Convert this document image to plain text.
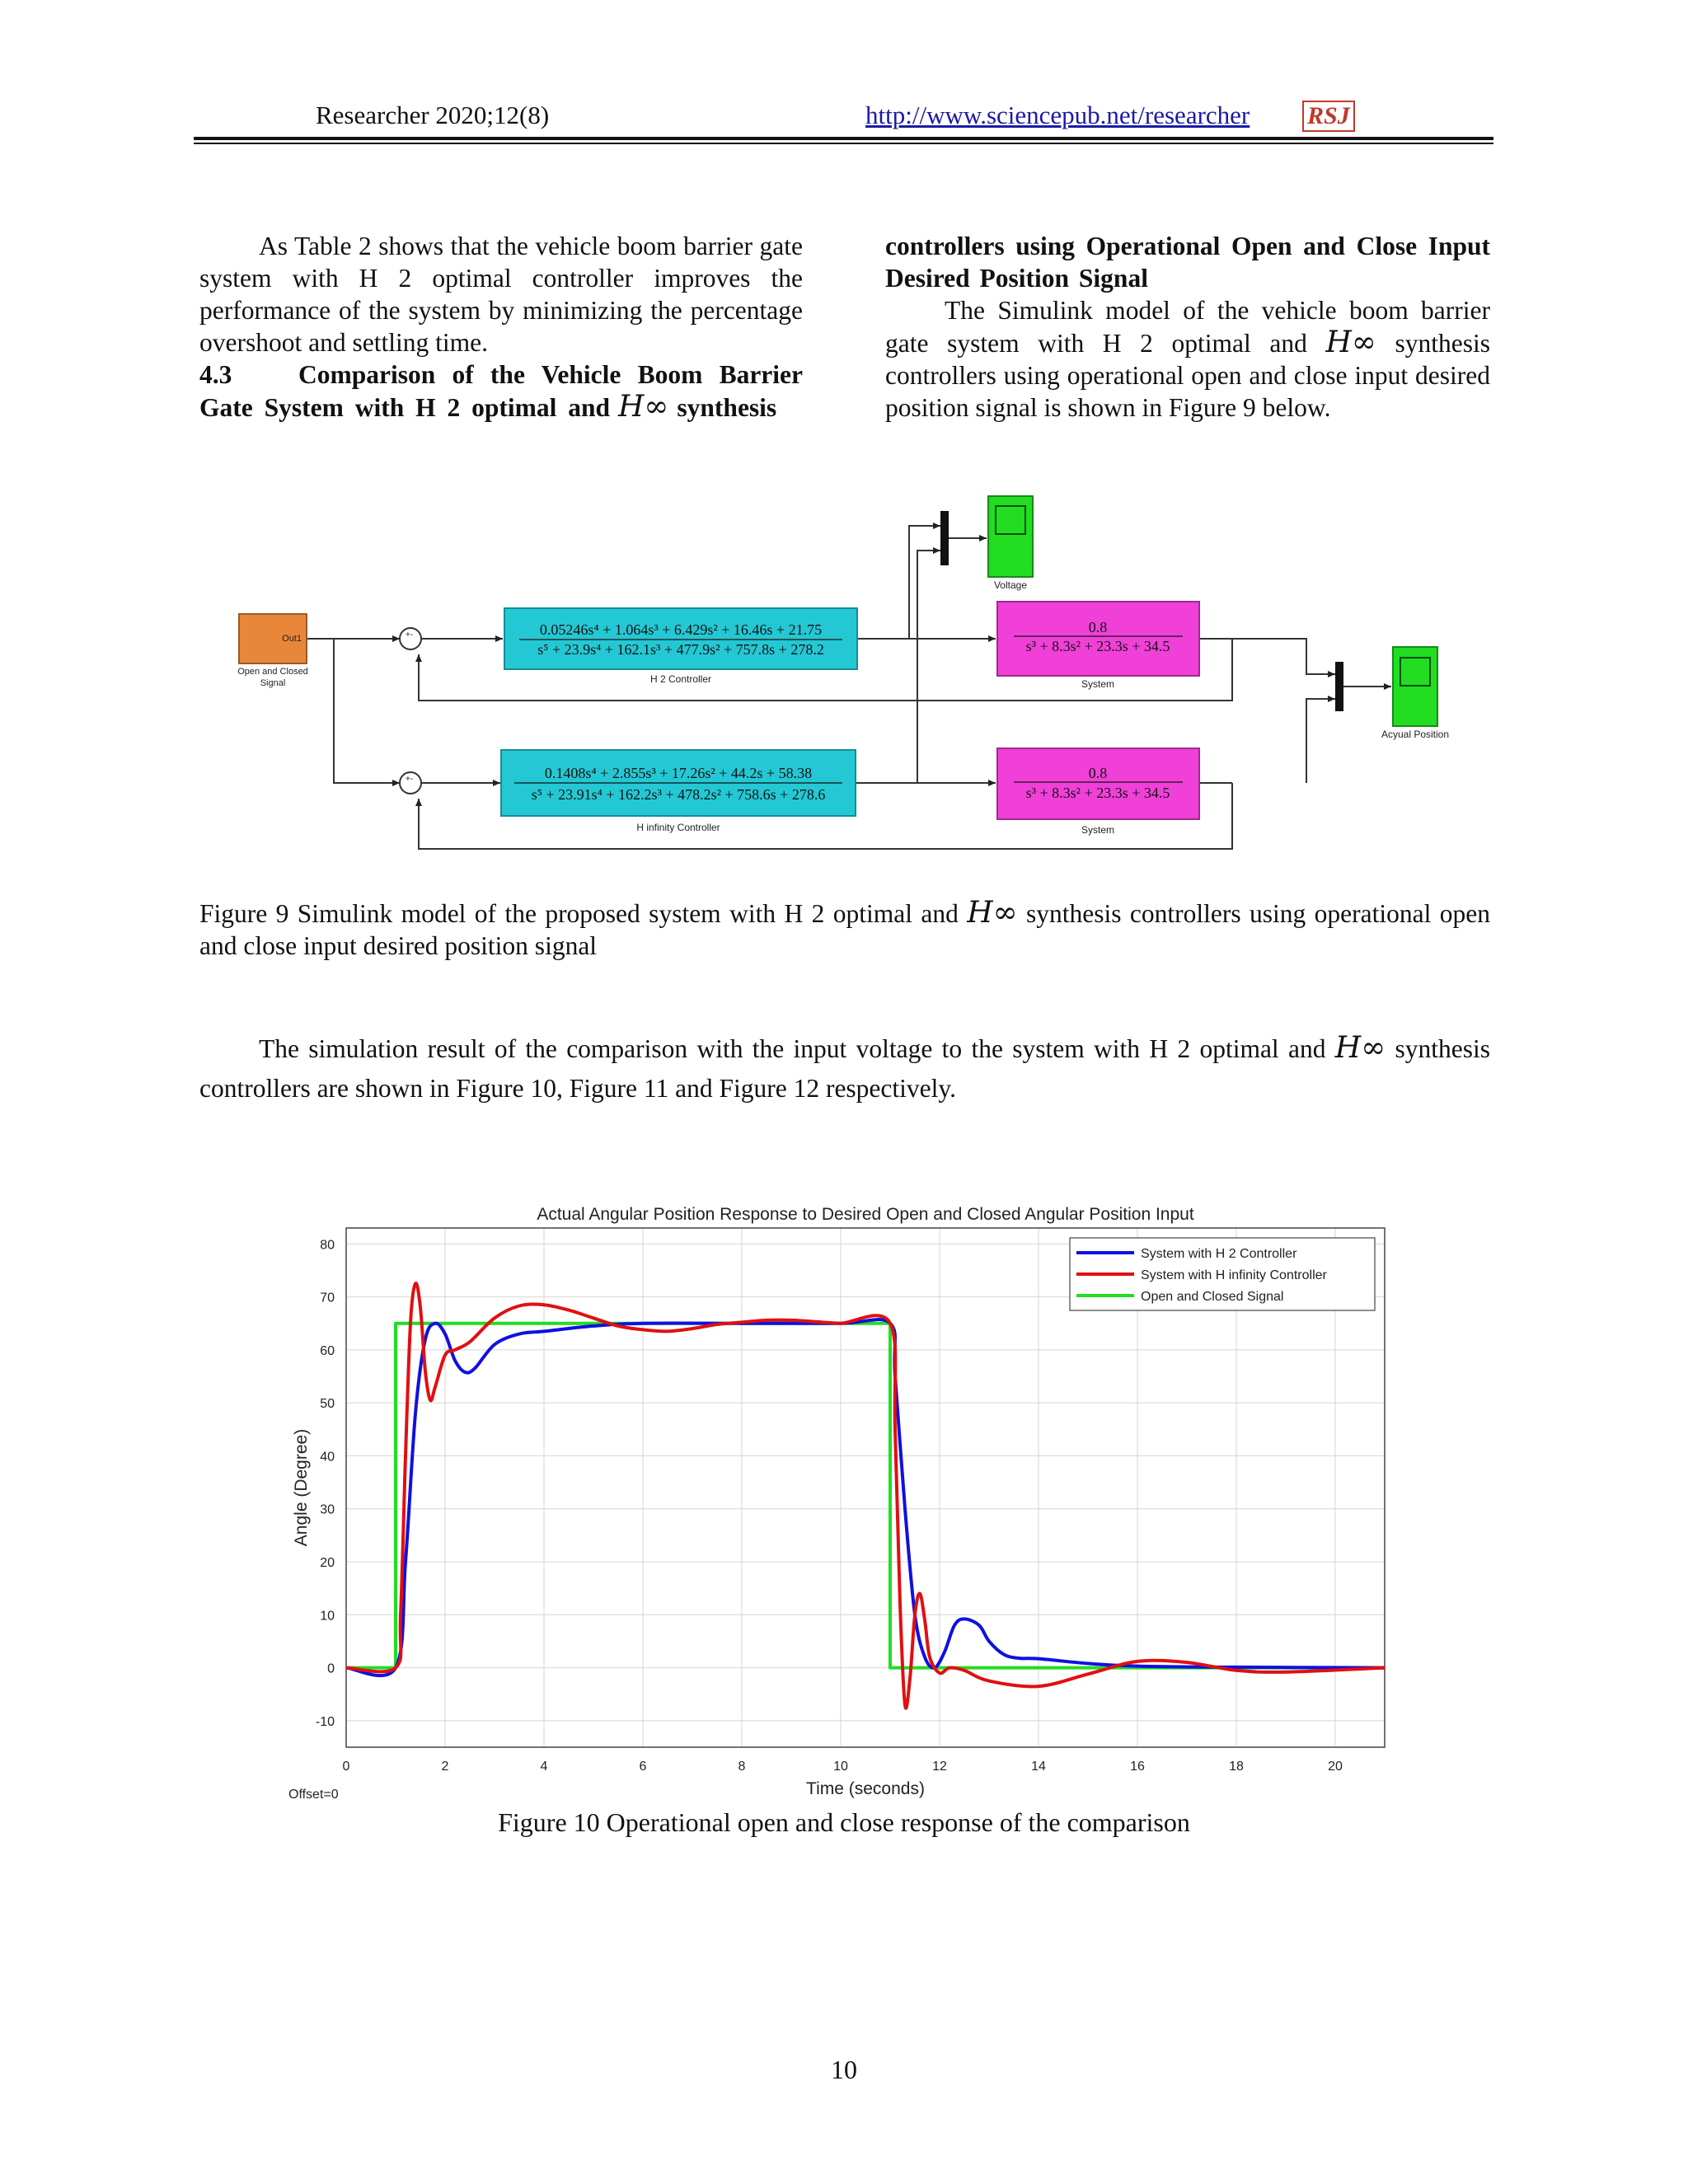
Researcher 2020;12(8)	http://www.sciencepub.net/researcher RSJ

As Table 2 shows that the vehicle boom barrier gate system with H 2 optimal controller improves the performance of the system by minimizing the percentage overshoot and settling time.

4.3	Comparison of the Vehicle Boom Barrier

Gate System with H 2 optimal and H∞ synthesis

controllers using Operational Open and Close Input Desired Position Signal

The Simulink model of the vehicle boom barrier gate system with H 2 optimal and H∞ synthesis controllers using operational open and close input desired position signal is shown in Figure 9 below.

Out1
Open and Closed
Signal
+-
+-
0.05246s⁴ + 1.064s³ + 6.429s² + 16.46s + 21.75
s⁵ + 23.9s⁴ + 162.1s³ + 477.9s² + 757.8s + 278.2
H 2 Controller
0.1408s⁴ + 2.855s³ + 17.26s² + 44.2s + 58.38
s⁵ + 23.91s⁴ + 162.2s³ + 478.2s² + 758.6s + 278.6
H infinity Controller
0.8
s³ + 8.3s² + 23.3s + 34.5
System
0.8
s³ + 8.3s² + 23.3s + 34.5
System
Voltage
Acyual Position
Figure 9 Simulink model of the proposed system with H 2 optimal and H∞ synthesis controllers using operational open and close input desired position signal
The simulation result of the comparison with the input voltage to the system with H 2 optimal and H∞ synthesis controllers are shown in Figure 10, Figure 11 and Figure 12 respectively.
Actual Angular Position Response to Desired Open and Closed Angular Position Input
0	2	4	6	8	10	12	14	16	18	20
-10
0
10
20
30
40
50
60
70
80
System with H 2 Controller
System with H infinity Controller
Open and Closed Signal
Time (seconds)
Angle (Degree)
Offset=0
Figure 10 Operational open and close response of the comparison
10
